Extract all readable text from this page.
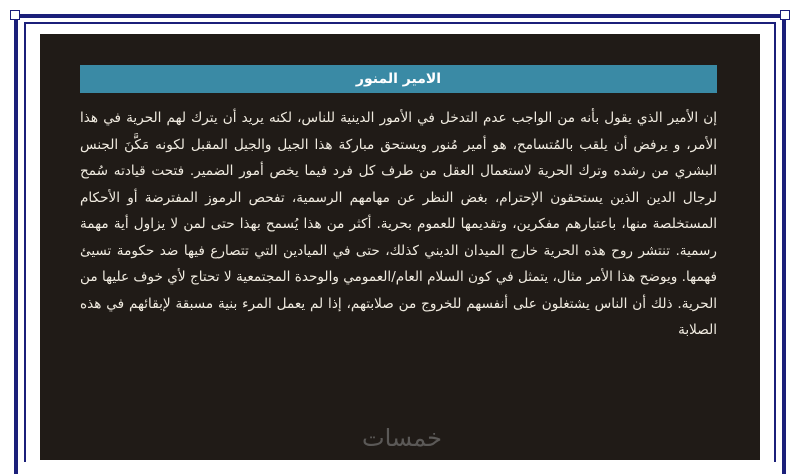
الامير المنور
إن الأمير الذي يقول بأنه من الواجب عدم التدخل في الأمور الدينية للناس، لكنه يريد أن يترك لهم الحرية في هذا الأمر، و يرفض أن يلقب بالمُتسامح، هو أمير مُنور ويستحق مباركة هذا الجيل والجيل المقبل لكونه مَكَّنَ الجنس البشري من رشده وترك الحرية لاستعمال العقل من طرف كل فرد فيما يخص أمور الضمير. فتحت قيادته سُمح لرجال الدين الذين يستحقون الإحترام، بغض النظر عن مهامهم الرسمية، تفحص الرموز المفترضة أو الأحكام المستخلصة منها، باعتبارهم مفكرين، وتقديمها للعموم بحرية. أكثر من هذا يُسمح بهذا حتى لمن لا يزاول أية مهمة رسمية. تنتشر روح هذه الحرية خارج الميدان الديني كذلك، حتى في الميادين التي تتصارع فيها ضد حكومة تسيئ فهمها. ويوضح هذا الأمر مثال، يتمثل في كون السلام العام/العمومي والوحدة المجتمعية لا تحتاج لأي خوف عليها من الحرية. ذلك أن الناس يشتغلون على أنفسهم للخروج من صلابتهم، إذا لم يعمل المرء بنية مسبقة لإبقائهم في هذه الصلابة
خمسات
